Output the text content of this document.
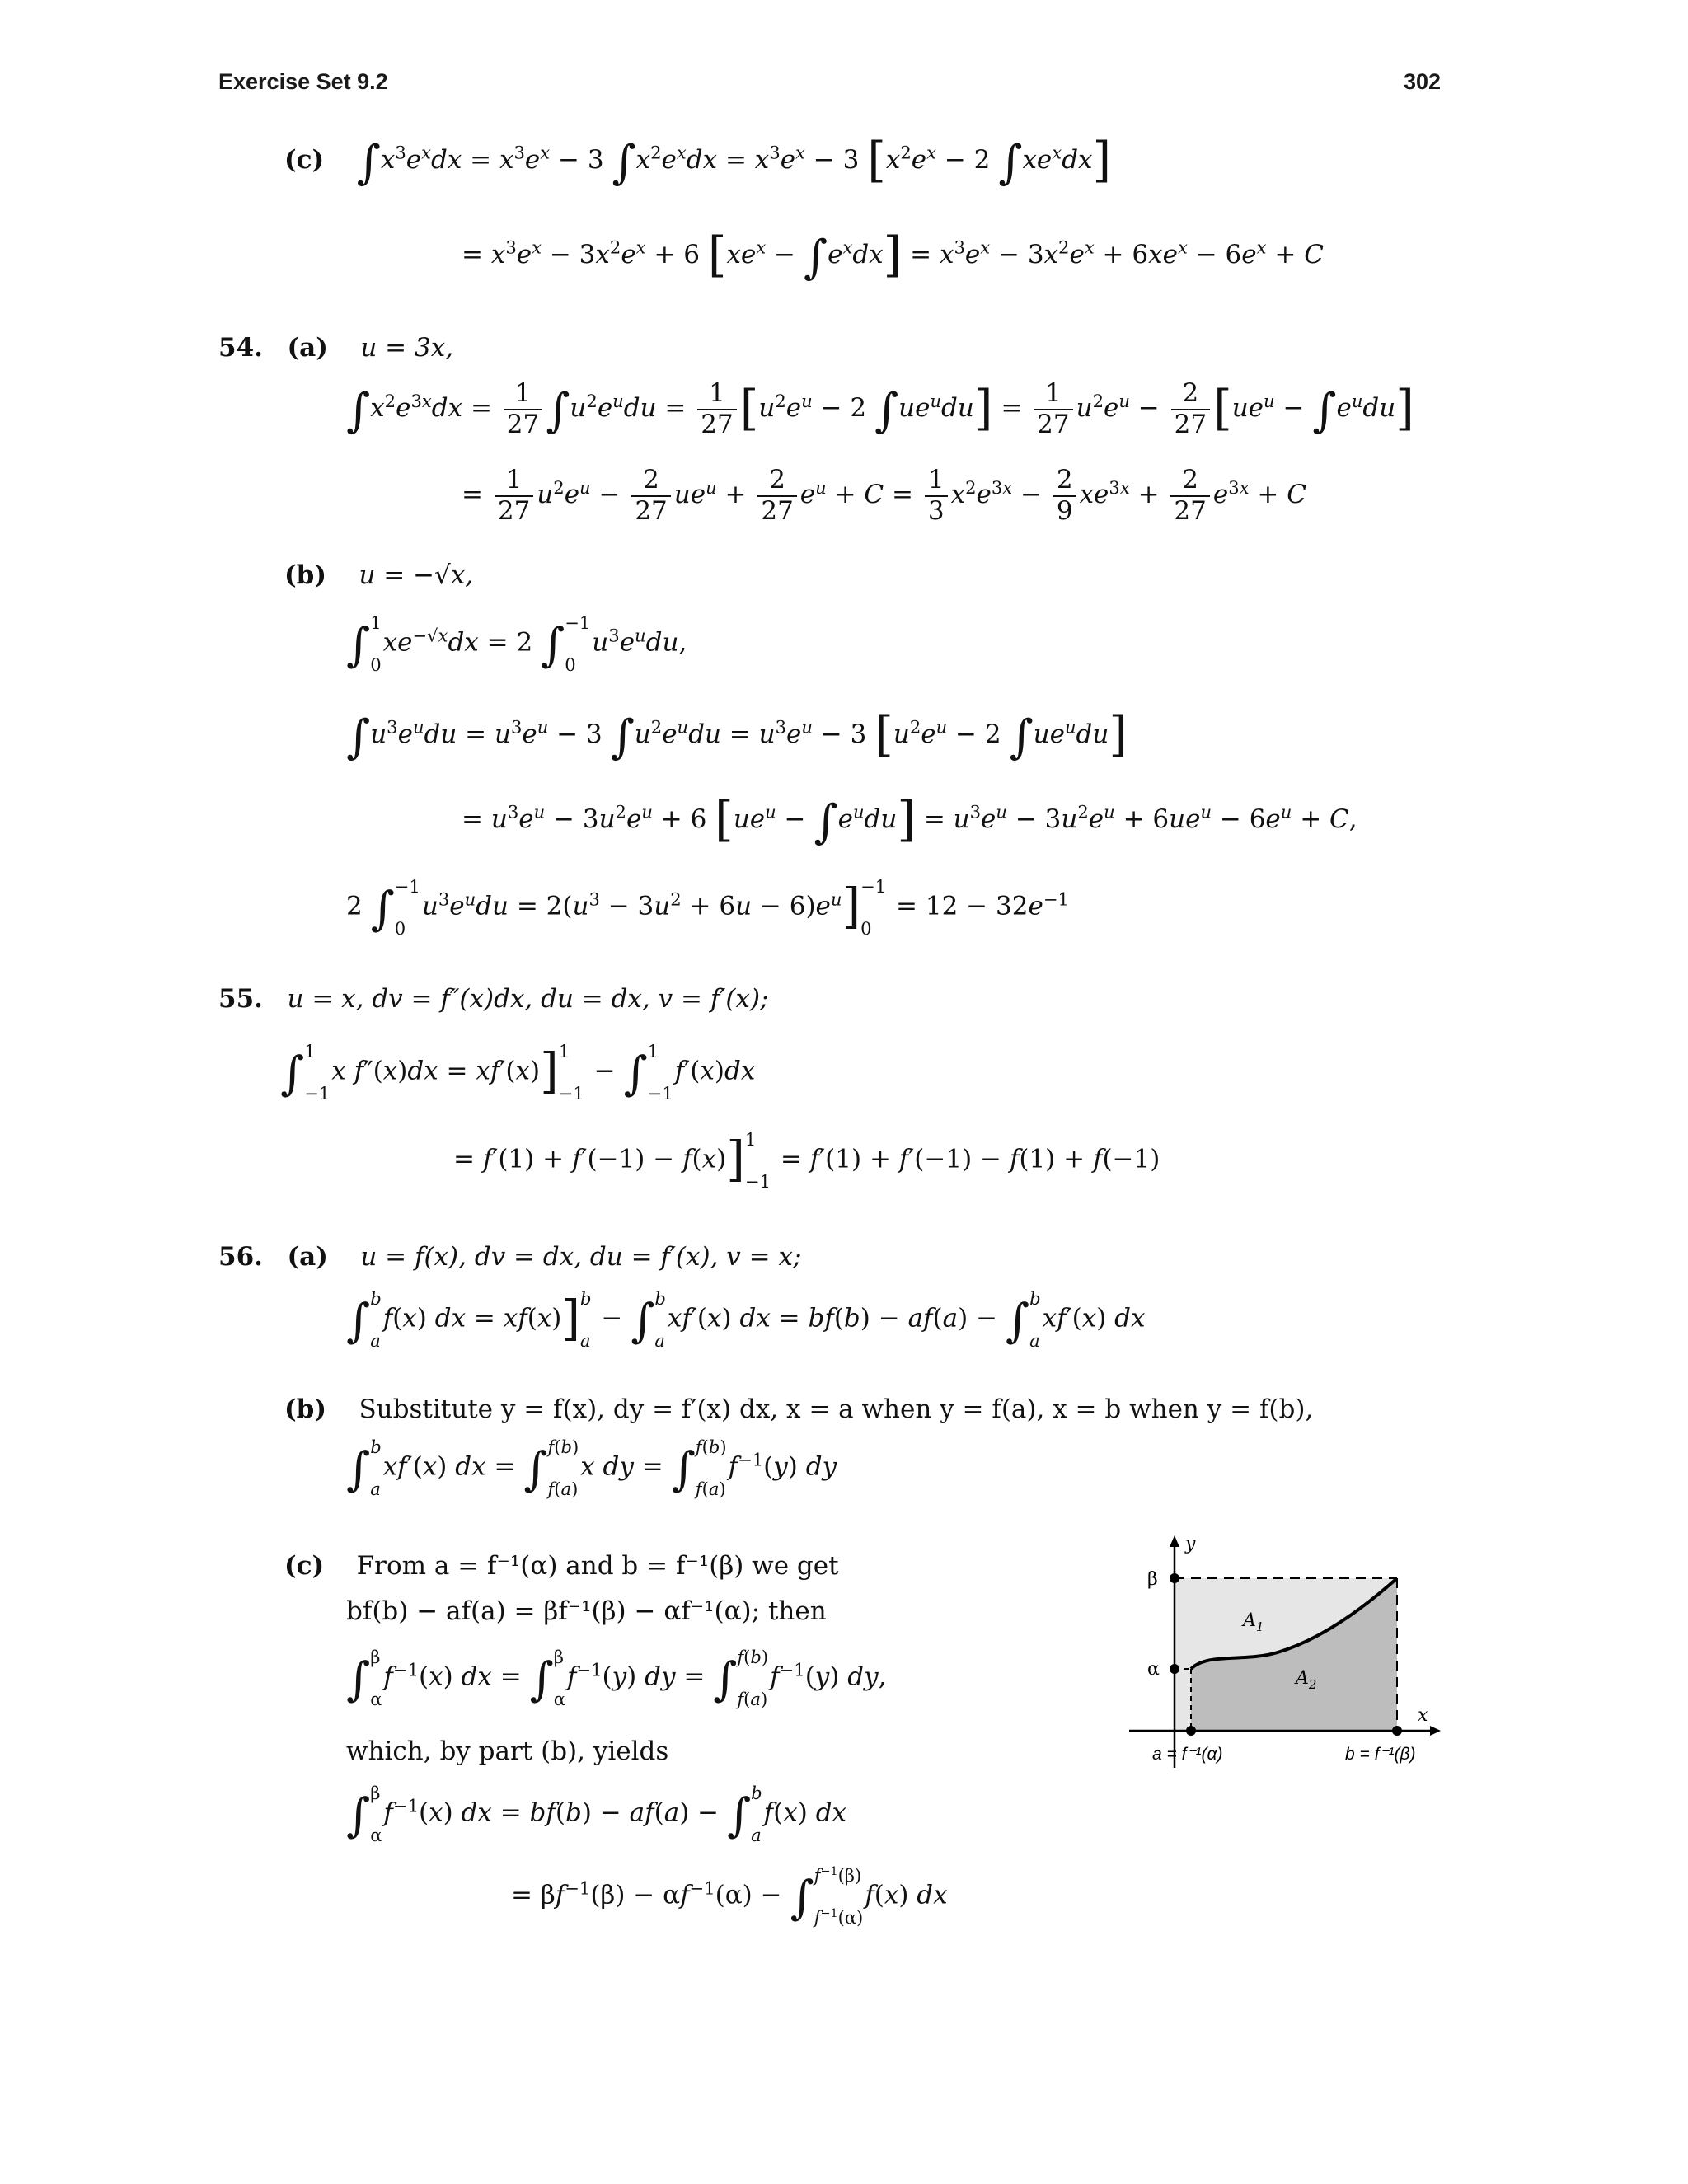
Exercise Set 9.2	302
(c) $\int x^3e^xdx = x^3e^x - 3$ $\int x^2e^xdx = x^3e^x - 3$ [$x^2e^x - 2$ $\int xe^xdx$]
= $x^3e^x - 3x^2e^x + 6$ $[xe^x - \int e^xdx] = x^3e^x - 3x^2e^x + 6xe^x - 6e^x + C$
54. (a) u = 3x,
$\int x^2e^{3x}dx = \frac{1}{27} \int u^2e^udu = \frac{1}{27} [u^2e^u - 2$ $\int ue^udu] = \frac{1}{27} u^2e^u - \frac{2}{27} [ue^u - \int e^udu]$
= $\frac{1}{27} u^2e^u - \frac{2}{27} ue^u + \frac{2}{27} e^u + C = \frac{1}{3} x^2e^{3x} - \frac{2}{9} xe^{3x} + \frac{2}{27} e^{3x} + C$
(b) u = −√x,
∫ 1
0
$xe^{-√x}dx = 2$ ∫ −1
0
$u^3e^udu$,
$\int u^3e^udu = u^3e^u - 3$ $\int u^2e^udu = u^3e^u - 3$ [$u^2e^u - 2$ $\int ue^udu$]
= $u^3e^u - 3u^2e^u + 6$ $[ue^u - \int e^udu] = u^3e^u - 3u^2e^u + 6ue^u - 6e^u + C$,
2 ∫ −1
0
$u^3e^udu = 2(u^3 - 3u^2 + 6u - 6)e^u] -1$
0
= $12 - 32e^{-1}$
55. u = x, dv = f″(x)dx, du = dx, v = f′(x);
∫ 1
−1
x f″(x)dx = xf′(x)] 1
−1
− ∫ 1
−1
f′(x)dx
= f′(1) + f′(−1) − f(x)] 1
−1
= f′(1) + f′(−1) − f(1) + f(−1)
56. (a) u = f(x), dv = dx, du = f′(x), v = x;
∫ b
a
f(x) dx = xf(x)] b
a
− ∫ b
a
xf′(x) dx = bf(b) − af(a) − ∫ b
a
xf′(x) dx
(b) Substitute y = f(x), dy = f′(x) dx, x = a when y = f(a), x = b when y = f(b),
∫ b
a
xf′(x) dx = ∫ f(b)
f(a)
x dy = ∫ f(b)
f(a)
$f^{-1}(y)$ dy
(c) From a = f⁻¹(α) and b = f⁻¹(β) we get
bf(b) − af(a) = βf⁻¹(β) − αf⁻¹(α); then
∫ β
α
$f^{-1}(x)$ dx = ∫ β
α
$f^{-1}(y)$ dy = ∫ f(b)
f(a)
$f^{-1}(y)$ dy,
which, by part (b), yields
∫ β
α
$f^{-1}(x)$ dx = bf(b) − af(a) − ∫ b
a
f(x) dx
= $\beta f^{-1}(\beta) - \alpha f^{-1}(\alpha)$ − ∫ $f^{-1}(\beta)$
$f^{-1}(\alpha)$
f(x) dx
y
x
β
α
$A_1$
$A_2$
a = f⁻¹(α)	b = f⁻¹(β)
